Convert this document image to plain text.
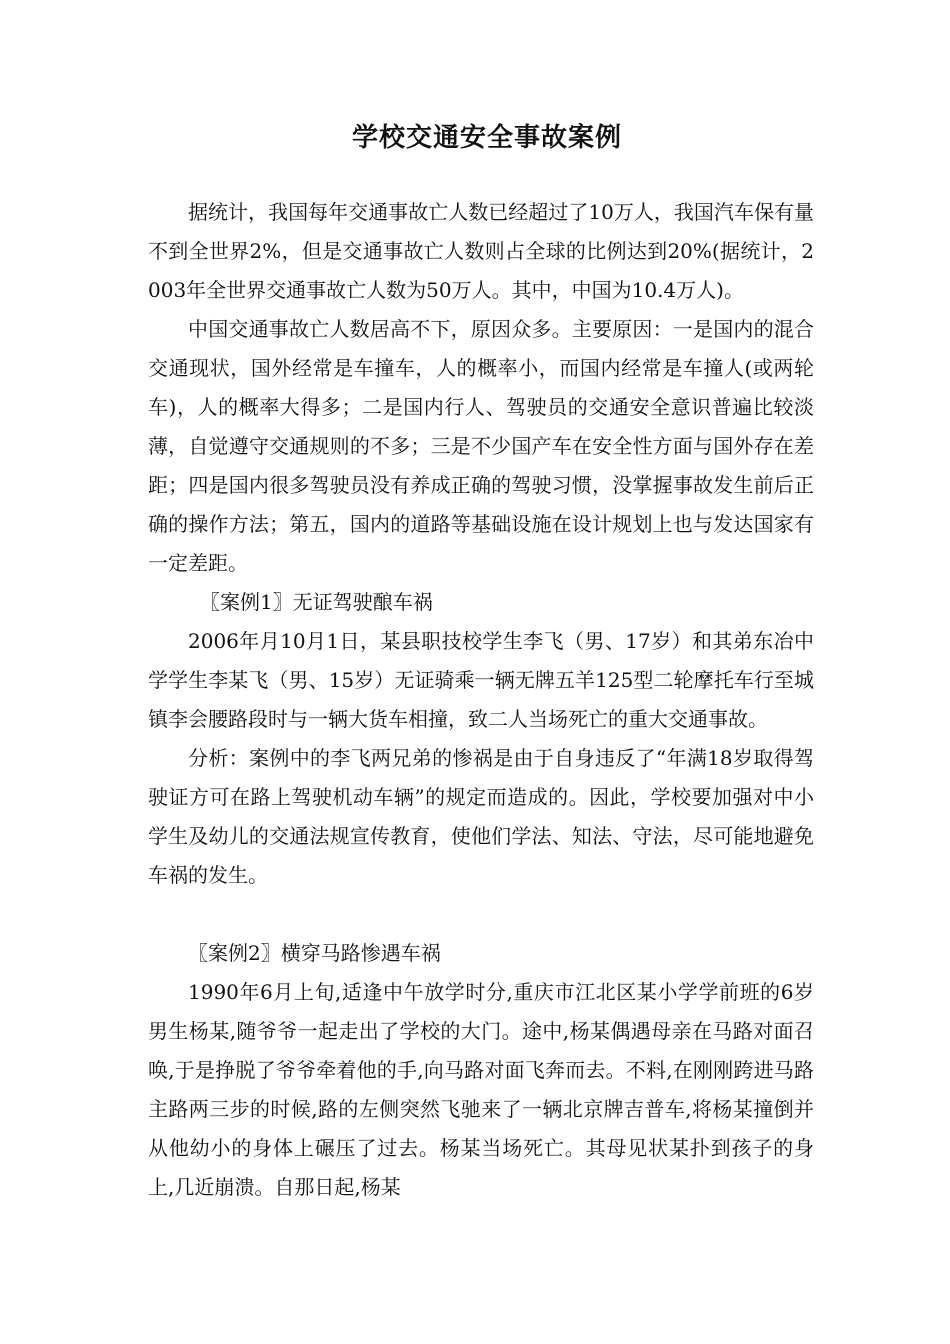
学校交通安全事故案例

据统计，我国每年交通事故亡人数已经超过了10万人，我国汽车保有量不到全世界2%，但是交通事故亡人数则占全球的比例达到20%(据统计，2003年全世界交通事故亡人数为50万人。其中，中国为10.4万人)。

中国交通事故亡人数居高不下，原因众多。主要原因：一是国内的混合交通现状，国外经常是车撞车，人的概率小，而国内经常是车撞人(或两轮车)，人的概率大得多；二是国内行人、驾驶员的交通安全意识普遍比较淡薄，自觉遵守交通规则的不多；三是不少国产车在安全性方面与国外存在差距；四是国内很多驾驶员没有养成正确的驾驶习惯，没掌握事故发生前后正确的操作方法；第五，国内的道路等基础设施在设计规划上也与发达国家有一定差距。

〖案例1〗无证驾驶酿车祸

2006年月10月1日，某县职技校学生李飞（男、17岁）和其弟东冶中学学生李某飞（男、15岁）无证骑乘一辆无牌五羊125型二轮摩托车行至城镇李会腰路段时与一辆大货车相撞，致二人当场死亡的重大交通事故。

分析：案例中的李飞两兄弟的惨祸是由于自身违反了“年满18岁取得驾驶证方可在路上驾驶机动车辆”的规定而造成的。因此，学校要加强对中小学生及幼儿的交通法规宣传教育，使他们学法、知法、守法，尽可能地避免车祸的发生。

〖案例2〗横穿马路惨遇车祸

1990年6月上旬,适逢中午放学时分,重庆市江北区某小学学前班的6岁男生杨某,随爷爷一起走出了学校的大门。途中,杨某偶遇母亲在马路对面召唤,于是挣脱了爷爷牵着他的手,向马路对面飞奔而去。不料,在刚刚跨进马路主路两三步的时候,路的左侧突然飞驰来了一辆北京牌吉普车,将杨某撞倒并从他幼小的身体上碾压了过去。杨某当场死亡。其母见状某扑到孩子的身上,几近崩溃。自那日起,杨某
